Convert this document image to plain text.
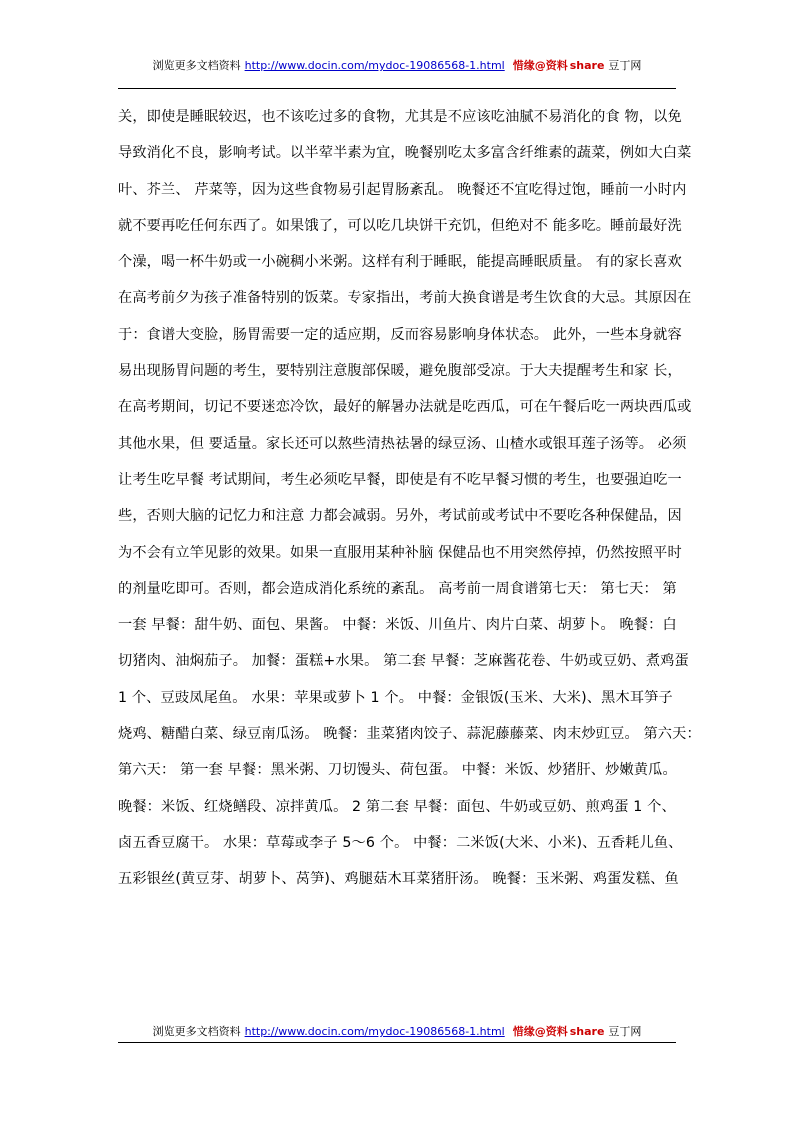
浏览更多文档资料 http://www.docin.com/mydoc-19086568-1.html 惜缘@资料 share 豆丁网
关，即使是睡眠较迟，也不该吃过多的食物，尤其是不应该吃油腻不易消化的食 物，以免
导致消化不良，影响考试。以半荤半素为宜，晚餐别吃太多富含纤维素的蔬菜，例如大白菜
叶、芥兰、 芹菜等，因为这些食物易引起胃肠紊乱。 晚餐还不宜吃得过饱，睡前一小时内
就不要再吃任何东西了。如果饿了，可以吃几块饼干充饥，但绝对不 能多吃。睡前最好洗
个澡，喝一杯牛奶或一小碗稠小米粥。这样有利于睡眠，能提高睡眠质量。 有的家长喜欢
在高考前夕为孩子准备特别的饭菜。专家指出，考前大换食谱是考生饮食的大忌。其原因在
于：食谱大变脸，肠胃需要一定的适应期，反而容易影响身体状态。 此外，一些本身就容
易出现肠胃问题的考生，要特别注意腹部保暖，避免腹部受凉。于大夫提醒考生和家 长，
在高考期间，切记不要迷恋冷饮，最好的解暑办法就是吃西瓜，可在午餐后吃一两块西瓜或
其他水果，但 要适量。家长还可以熬些清热祛暑的绿豆汤、山楂水或银耳莲子汤等。 必须
让考生吃早餐 考试期间，考生必须吃早餐，即使是有不吃早餐习惯的考生，也要强迫吃一
些，否则大脑的记忆力和注意 力都会减弱。另外，考试前或考试中不要吃各种保健品，因
为不会有立竿见影的效果。如果一直服用某种补脑 保健品也不用突然停掉，仍然按照平时
的剂量吃即可。否则，都会造成消化系统的紊乱。 高考前一周食谱第七天： 第七天： 第
一套 早餐：甜牛奶、面包、果酱。 中餐：米饭、川鱼片、肉片白菜、胡萝卜。 晚餐：白
切猪肉、油焖茄子。 加餐：蛋糕+水果。 第二套 早餐：芝麻酱花卷、牛奶或豆奶、煮鸡蛋
1 个、豆豉凤尾鱼。 水果：苹果或萝卜 1 个。 中餐：金银饭(玉米、大米)、黑木耳笋子
烧鸡、糖醋白菜、绿豆南瓜汤。 晚餐：韭菜猪肉饺子、蒜泥藤藤菜、肉末炒豇豆。 第六天：
第六天： 第一套 早餐：黑米粥、刀切馒头、荷包蛋。 中餐：米饭、炒猪肝、炒嫩黄瓜。
晚餐：米饭、红烧鳝段、凉拌黄瓜。 2 第二套 早餐：面包、牛奶或豆奶、煎鸡蛋 1 个、
卤五香豆腐干。 水果：草莓或李子 5～6 个。 中餐：二米饭(大米、小米)、五香耗儿鱼、
五彩银丝(黄豆芽、胡萝卜、莴笋)、鸡腿菇木耳菜猪肝汤。 晚餐：玉米粥、鸡蛋发糕、鱼
浏览更多文档资料 http://www.docin.com/mydoc-19086568-1.html 惜缘@资料 share 豆丁网
